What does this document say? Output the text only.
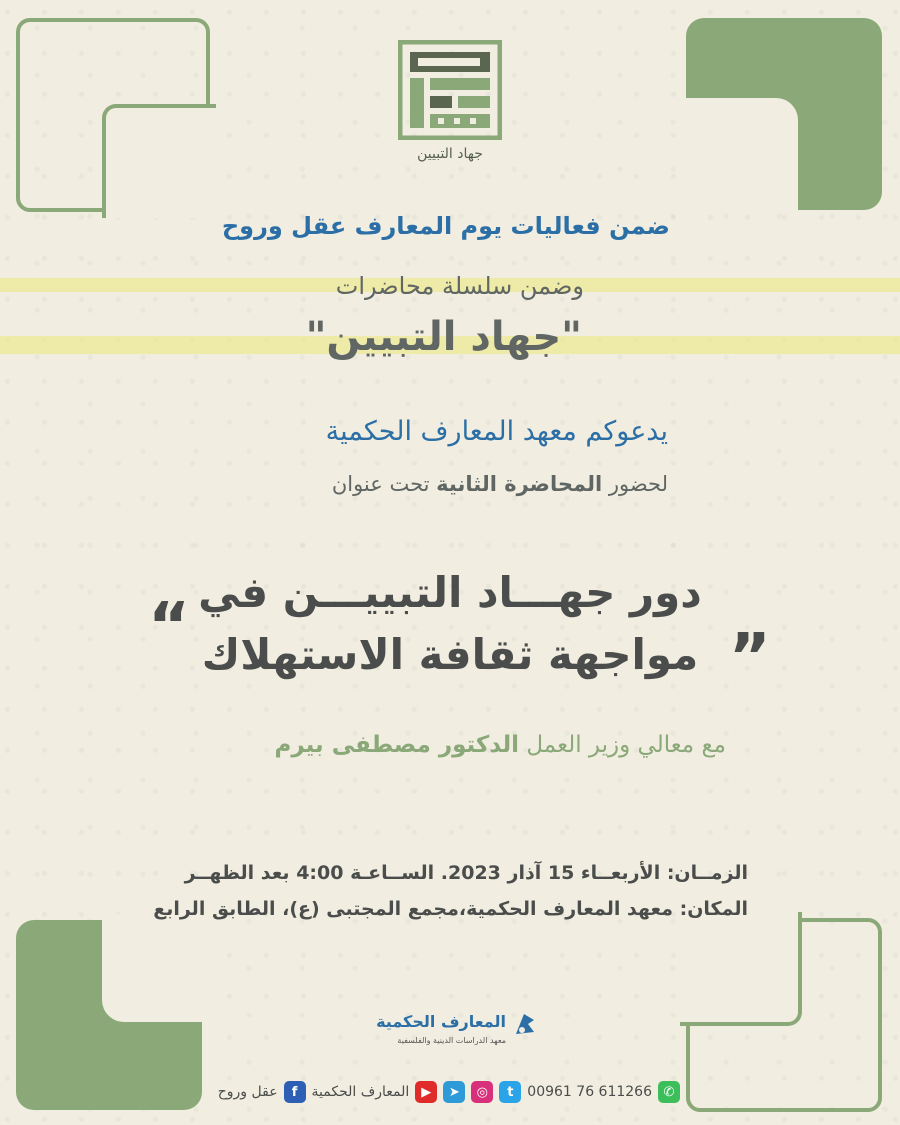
جهاد التبيين
ضمن فعاليات يوم المعارف عقل وروح
وضمن سلسلة محاضرات
"جهاد التبيين"
يدعوكم معهد المعارف الحكمية
لحضور المحاضرة الثانية تحت عنوان
دور جهـــاد التبييـــن في
مواجهة ثقافة الاستهلاك „
“
مع معالي وزير العمل الدكتور مصطفى بيرم
الزمــان: الأربعــاء 15 آذار 2023. الســاعـة 4:00 بعد الظهــر
المكان: معهد المعارف الحكمية،مجمع المجتبى (ع)، الطابق الرابع
المعارف الحكمية
معهد الدراسات الدينية والفلسفية
✆
00961 76 611266
t
◎
➤
▶
المعارف الحكمية
f
عقل وروح
